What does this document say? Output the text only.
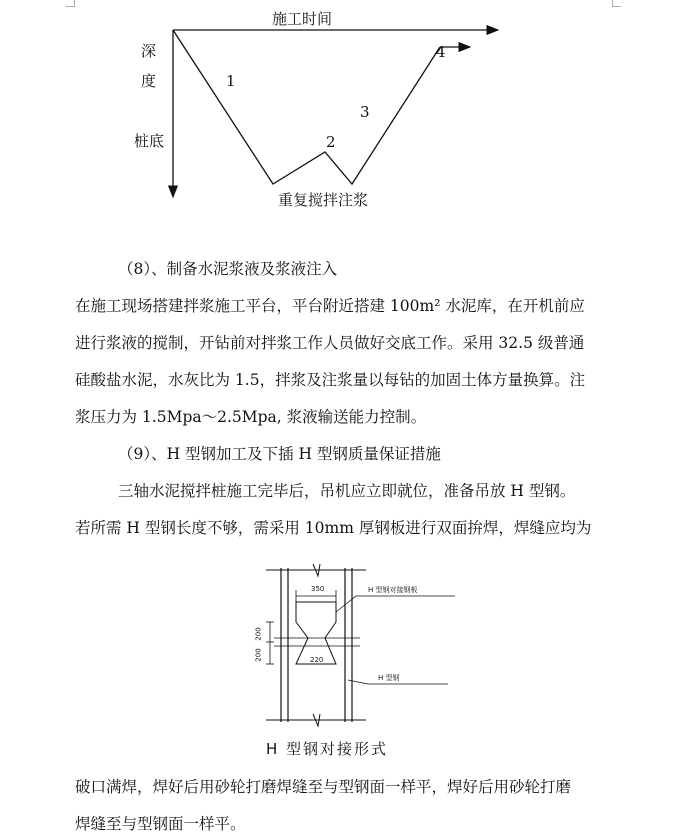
施工时间
深
度
桩底
1
2
3
4
重复搅拌注浆
（8）、制备水泥浆液及浆液注入
在施工现场搭建拌浆施工平台，平台附近搭建 100m² 水泥库，在开机前应
进行浆液的搅制，开钻前对拌浆工作人员做好交底工作。采用 32.5 级普通
硅酸盐水泥，水灰比为 1.5，拌浆及注浆量以每钻的加固土体方量换算。注
浆压力为 1.5Mpa～2.5Mpa, 浆液输送能力控制。
（9）、H 型钢加工及下插 H 型钢质量保证措施
三轴水泥搅拌桩施工完毕后，吊机应立即就位，准备吊放 H 型钢。
若所需 H 型钢长度不够，需采用 10mm 厚钢板进行双面拚焊，焊缝应均为
350
200
200	220
H 型钢对接钢板
H 型钢
H 型钢对接形式
破口满焊，焊好后用砂轮打磨焊缝至与型钢面一样平，焊好后用砂轮打磨
焊缝至与型钢面一样平。
